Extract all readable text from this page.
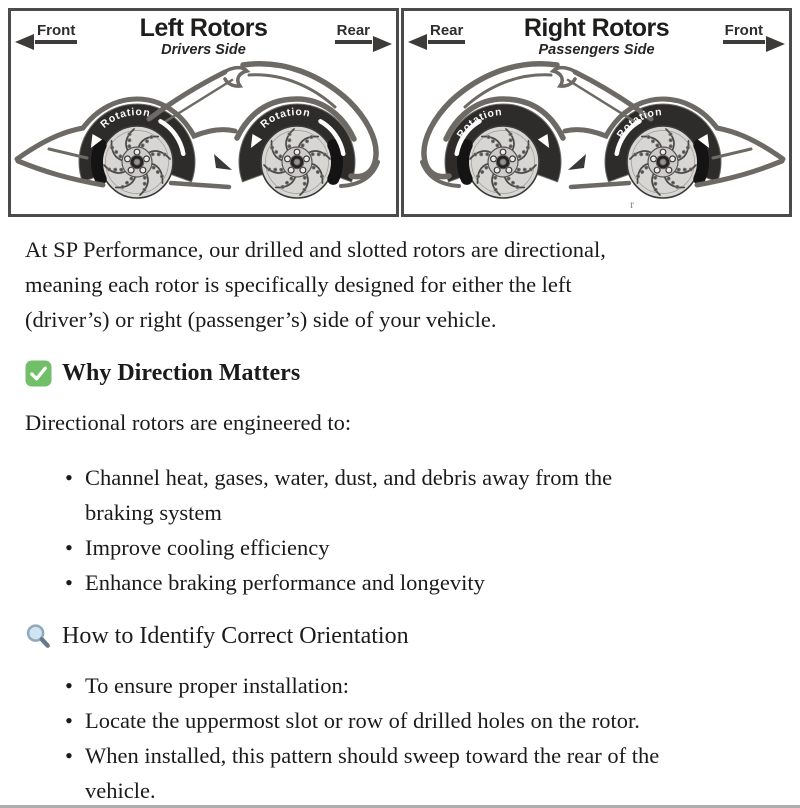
Front	Left Rotors
Drivers Side
Rear	Rear Right Rotors
Passengers Side
Front
r
At SP Performance, our drilled and slotted rotors are directional,
meaning each rotor is specifically designed for either the left
(driver’s) or right (passenger’s) side of your vehicle.
Why Direction Matters

Directional rotors are engineered to:

• Channel heat, gases, water, dust, and debris away from the
braking system
• Improve cooling efficiency
• Enhance braking performance and longevity
How to Identify Correct Orientation
• To ensure proper installation:
• Locate the uppermost slot or row of drilled holes on the rotor.
• When installed, this pattern should sweep toward the rear of the
vehicle.
